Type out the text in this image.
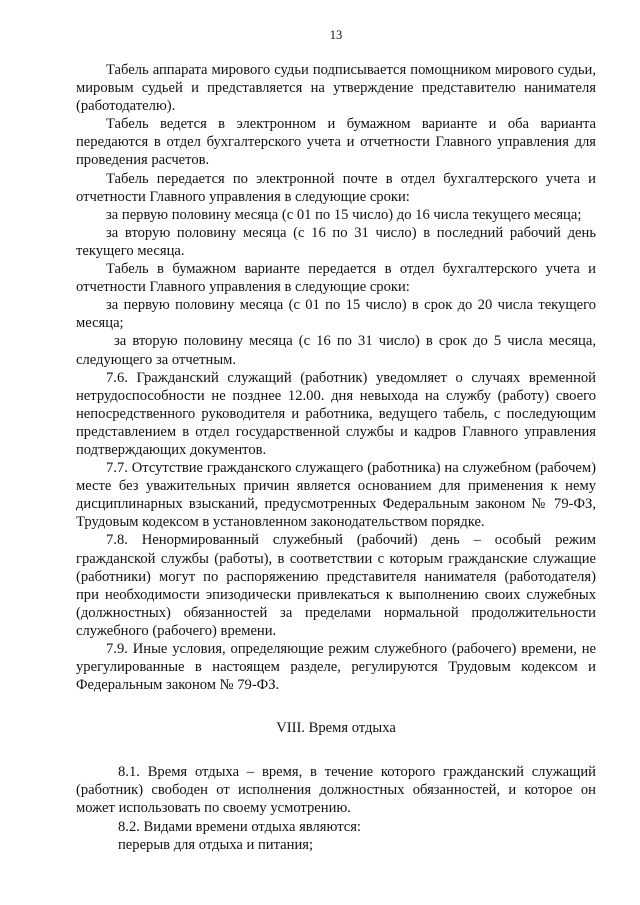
13

Табель аппарата мирового судьи подписывается помощником мирового судьи, мировым судьей и представляется на утверждение представителю нанимателя (работодателю).

Табель ведется в электронном и бумажном варианте и оба варианта передаются в отдел бухгалтерского учета и отчетности Главного управления для проведения расчетов.

Табель передается по электронной почте в отдел бухгалтерского учета и отчетности Главного управления в следующие сроки:

за первую половину месяца (с 01 по 15 число) до 16 числа текущего месяца;

за вторую половину месяца (с 16 по 31 число) в последний рабочий день текущего месяца.

Табель в бумажном варианте передается в отдел бухгалтерского учета и отчетности Главного управления в следующие сроки:

за первую половину месяца (с 01 по 15 число) в срок до 20 числа текущего месяца;

за вторую половину месяца (с 16 по 31 число) в срок до 5 числа месяца, следующего за отчетным.

7.6. Гражданский служащий (работник) уведомляет о случаях временной нетрудоспособности не позднее 12.00. дня невыхода на службу (работу) своего непосредственного руководителя и работника, ведущего табель, с последующим представлением в отдел государственной службы и кадров Главного управления подтверждающих документов.

7.7. Отсутствие гражданского служащего (работника) на служебном (рабочем) месте без уважительных причин является основанием для применения к нему дисциплинарных взысканий, предусмотренных Федеральным законом № 79-ФЗ, Трудовым кодексом в установленном законодательством порядке.

7.8. Ненормированный служебный (рабочий) день – особый режим гражданской службы (работы), в соответствии с которым гражданские служащие (работники) могут по распоряжению представителя нанимателя (работодателя) при необходимости эпизодически привлекаться к выполнению своих служебных (должностных) обязанностей за пределами нормальной продолжительности служебного (рабочего) времени.

7.9. Иные условия, определяющие режим служебного (рабочего) времени, не урегулированные в настоящем разделе, регулируются Трудовым кодексом и Федеральным законом № 79-ФЗ.

VIII. Время отдыха

8.1. Время отдыха – время, в течение которого гражданский служащий (работник) свободен от исполнения должностных обязанностей, и которое он может использовать по своему усмотрению.

8.2. Видами времени отдыха являются:

перерыв для отдыха и питания;
